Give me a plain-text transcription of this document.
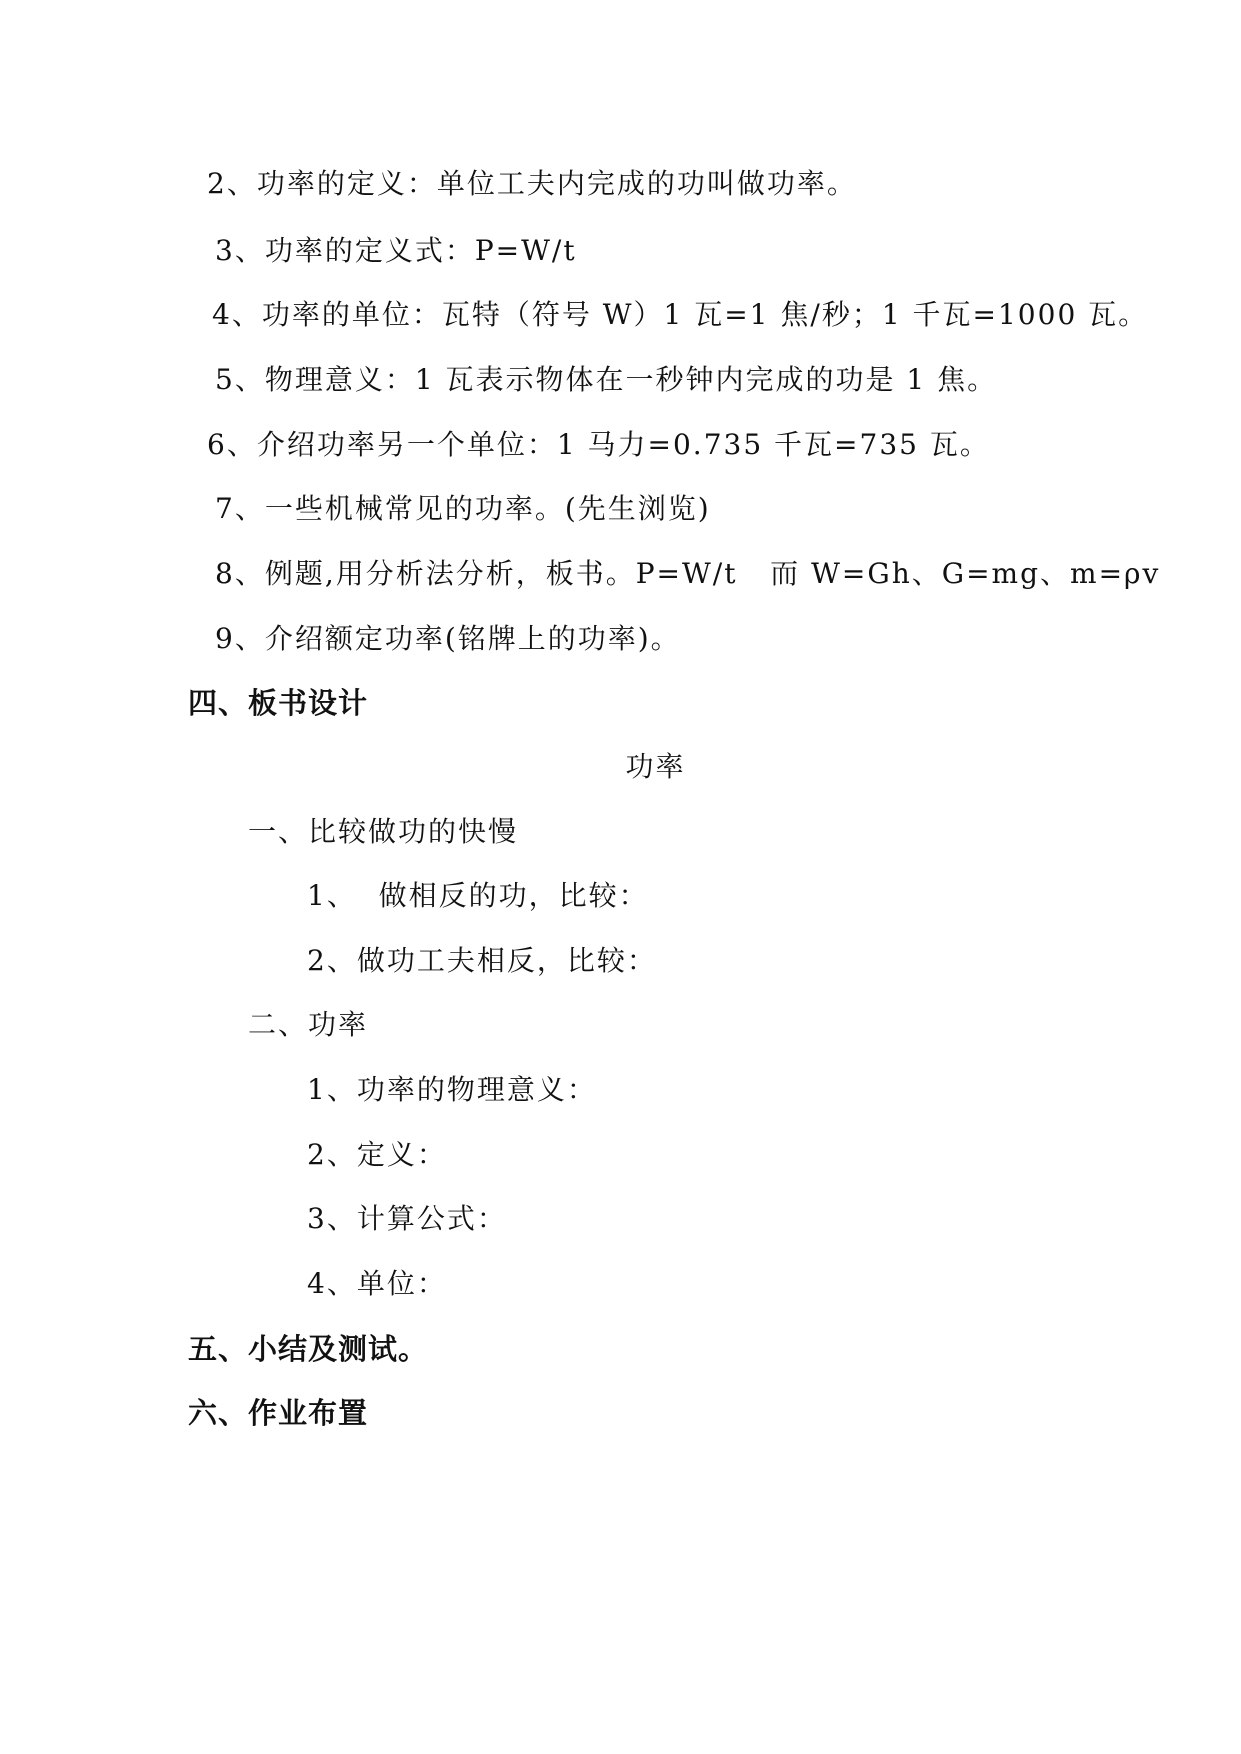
2、功率的定义：单位工夫内完成的功叫做功率。
3、功率的定义式：P=W/t
4、功率的单位：瓦特（符号 W）1 瓦=1 焦/秒；1 千瓦=1000 瓦。
5、物理意义：1 瓦表示物体在一秒钟内完成的功是 1 焦。
6、介绍功率另一个单位：1 马力=0.735 千瓦=735 瓦。
7、一些机械常见的功率。(先生浏览)
8、例题,用分析法分析，板书。P=W/t   而 W=Gh、G=mg、m=ρv
9、介绍额定功率(铭牌上的功率)。
四、板书设计
功率
一、比较做功的快慢
1、  做相反的功，比较：
2、做功工夫相反，比较：
二、功率
1、功率的物理意义：
2、定义：
3、计算公式：
4、单位：
五、小结及测试。
六、作业布置
